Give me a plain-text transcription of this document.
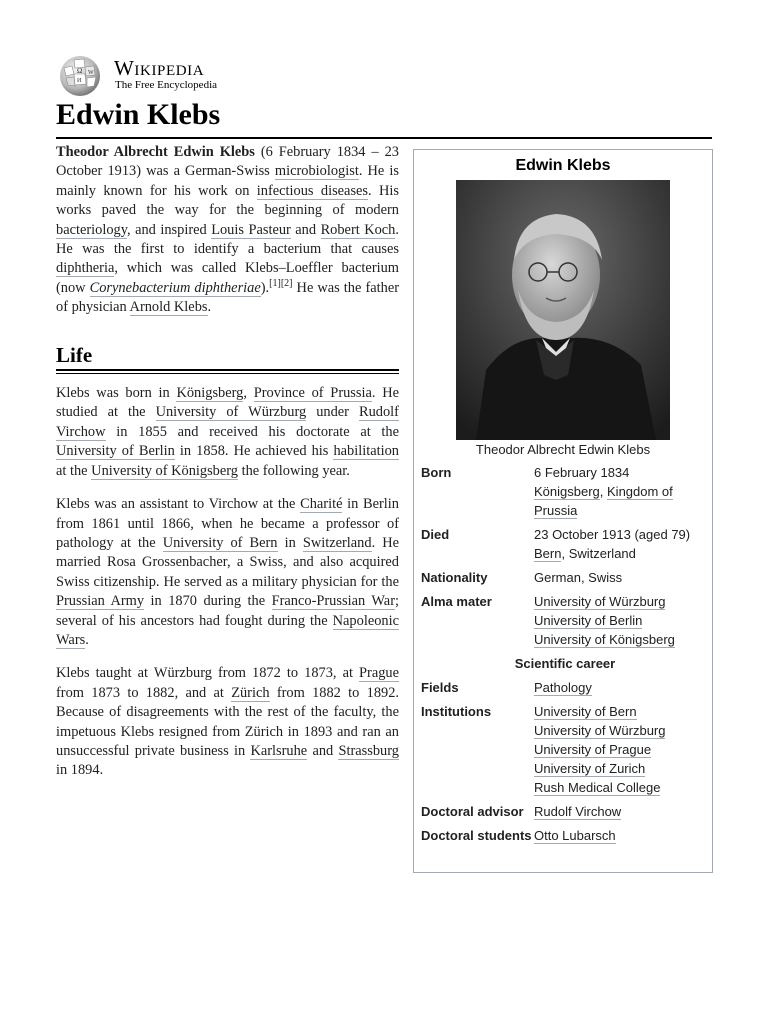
Ω W
И
Wikipedia
The Free Encyclopedia
Edwin Klebs

Theodor Albrecht Edwin Klebs (6 February 1834 – 23 October 1913) was a German-Swiss microbiologist. He is mainly known for his work on infectious diseases. His works paved the way for the beginning of modern bacteriology, and inspired Louis Pasteur and Robert Koch. He was the first to identify a bacterium that causes diphtheria, which was called Klebs–Loeffler bacterium (now Corynebacterium diphtheriae).[1][2] He was the father of physician Arnold Klebs.

Life

Klebs was born in Königsberg, Province of Prussia. He studied at the University of Würzburg under Rudolf Virchow in 1855 and received his doctorate at the University of Berlin in 1858. He achieved his habilitation at the University of Königsberg the following year.

Klebs was an assistant to Virchow at the Charité in Berlin from 1861 until 1866, when he became a professor of pathology at the University of Bern in Switzerland. He married Rosa Grossenbacher, a Swiss, and also acquired Swiss citizenship. He served as a military physician for the Prussian Army in 1870 during the Franco-Prussian War; several of his ancestors had fought during the Napoleonic Wars.

Klebs taught at Würzburg from 1872 to 1873, at Prague from 1873 to 1882, and at Zürich from 1882 to 1892. Because of disagreements with the rest of the faculty, the impetuous Klebs resigned from Zürich in 1893 and ran an unsuccessful private business in Karlsruhe and Strassburg in 1894.

Edwin Klebs
Theodor Albrecht Edwin Klebs
Born	6 February 1834
Königsberg, Kingdom of Prussia
Died	23 October 1913 (aged 79)
Bern, Switzerland
Nationality	German, Swiss
Alma mater	University of Würzburg
University of Berlin
University of Königsberg
Scientific career
Fields	Pathology
Institutions	University of Bern
University of Würzburg
University of Prague
University of Zurich
Rush Medical College
Doctoral advisor Rudolf Virchow
Doctoral students Otto Lubarsch
